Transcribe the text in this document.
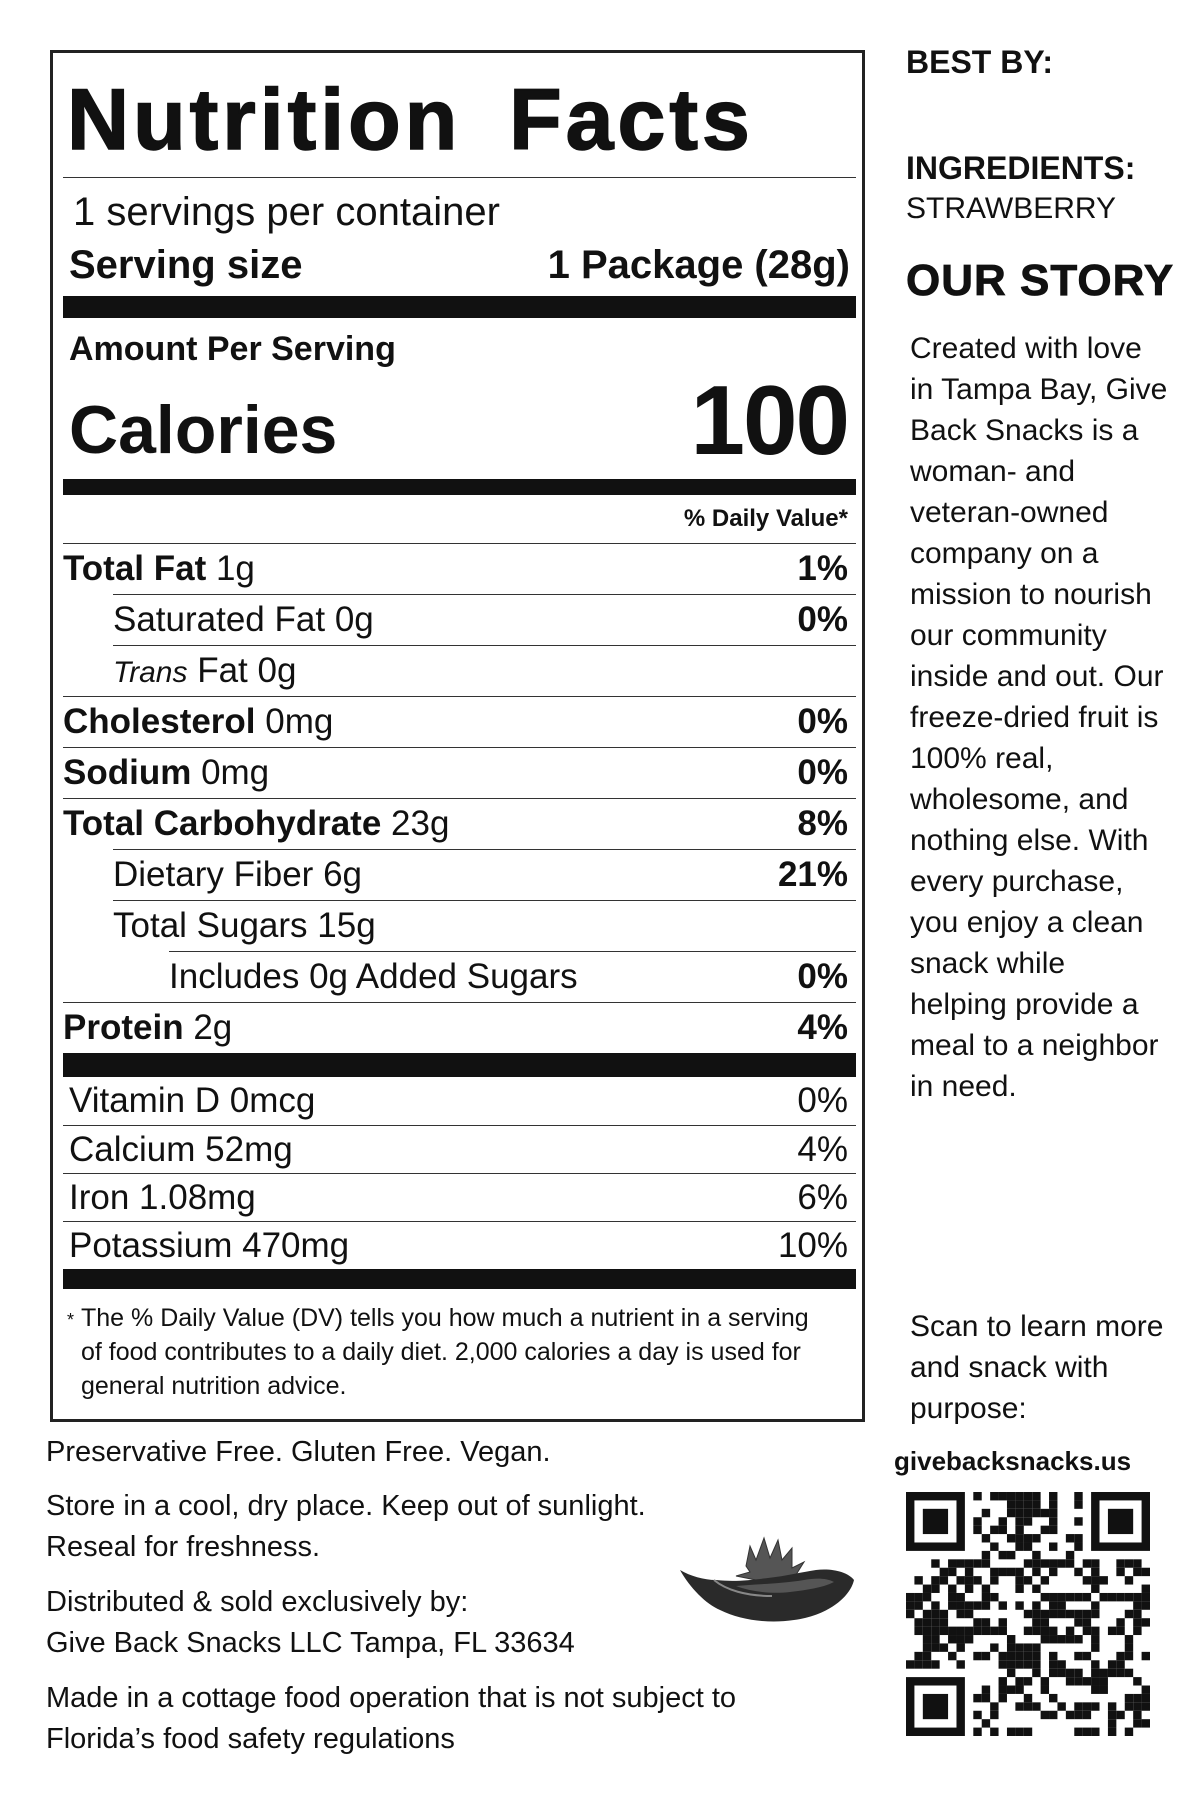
Nutrition Facts
1 servings per container
Serving size	1 Package (28g)
Amount Per Serving
Calories	100
% Daily Value*
Total Fat 1g	1%
Saturated Fat 0g	0%
Trans Fat 0g
Cholesterol 0mg	0%
Sodium 0mg	0%
Total Carbohydrate 23g	8%
Dietary Fiber 6g	21%
Total Sugars 15g
Includes 0g Added Sugars	0%
Protein 2g	4%
Vitamin D 0mcg	0%
Calcium 52mg	4%
Iron 1.08mg	6%
Potassium 470mg	10%
* The % Daily Value (DV) tells you how much a nutrient in a serving of food contributes to a daily diet. 2,000 calories a day is used for general nutrition advice.
BEST BY:
INGREDIENTS:
STRAWBERRY
OUR STORY
Created with love in Tampa Bay, Give Back Snacks is a woman- and veteran-owned company on a mission to nourish our community inside and out. Our freeze-dried fruit is 100% real, wholesome, and nothing else. With every purchase, you enjoy a clean snack while helping provide a meal to a neighbor in need.
Scan to learn more and snack with purpose:
givebacksnacks.us
Preservative Free. Gluten Free. Vegan.
Store in a cool, dry place. Keep out of sunlight.
Reseal for freshness.
Distributed & sold exclusively by:
Give Back Snacks LLC Tampa, FL 33634
Made in a cottage food operation that is not subject to
Florida’s food safety regulations
